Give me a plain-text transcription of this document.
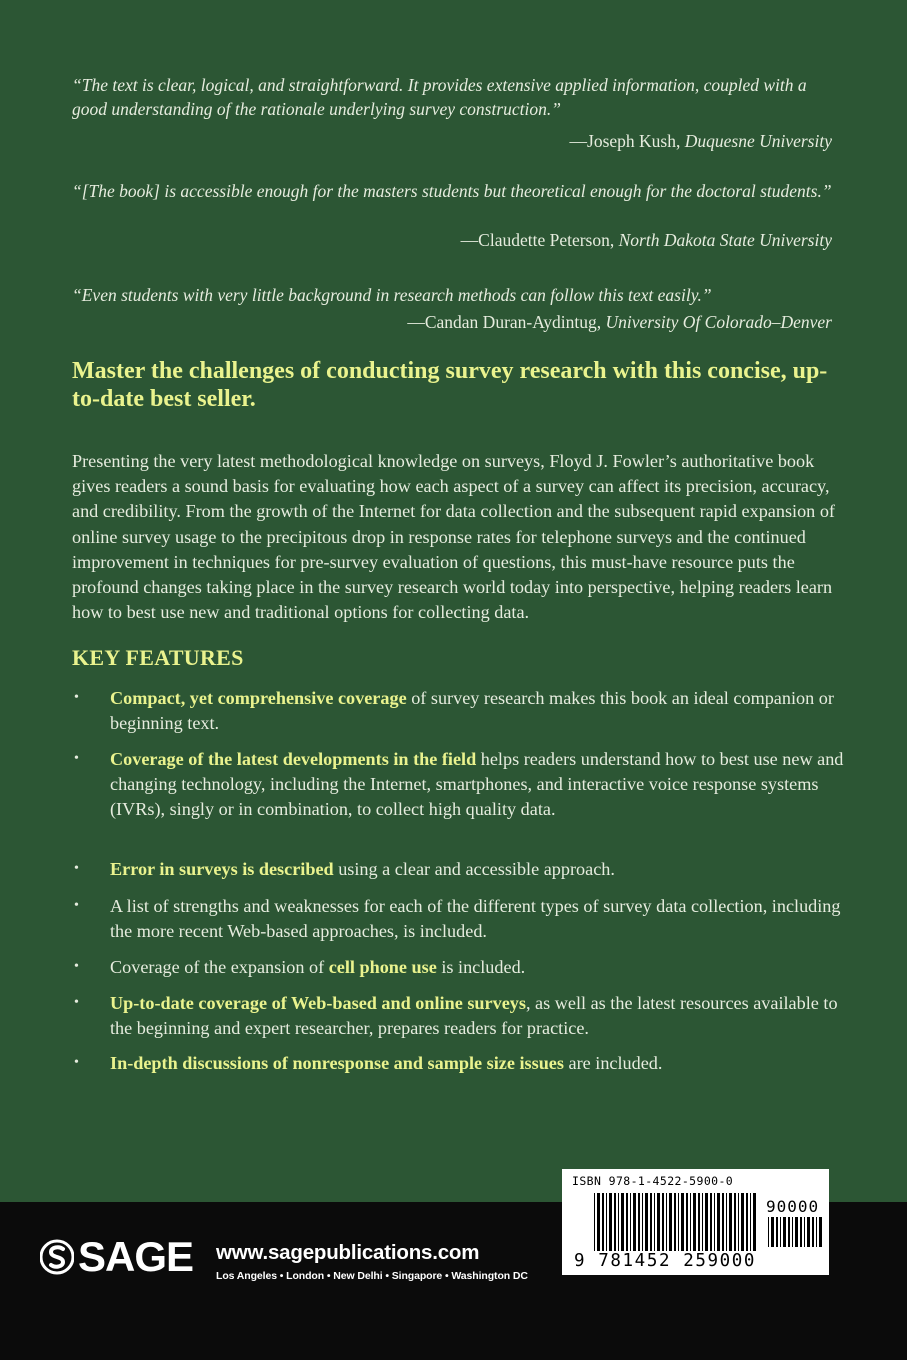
“The text is clear, logical, and straightforward. It provides extensive applied information, coupled with a good understanding of the rationale underlying survey construction.”
—Joseph Kush, Duquesne University
“[The book] is accessible enough for the masters students but theoretical enough for the doctoral students.”
—Claudette Peterson, North Dakota State University
“Even students with very little background in research methods can follow this text easily.”
—Candan Duran-Aydintug, University Of Colorado–Denver
Master the challenges of conducting survey research with this concise, up-to-date best seller.
Presenting the very latest methodological knowledge on surveys, Floyd J. Fowler’s authoritative book gives readers a sound basis for evaluating how each aspect of a survey can affect its precision, accuracy, and credibility. From the growth of the Internet for data collection and the subsequent rapid expansion of online survey usage to the precipitous drop in response rates for telephone surveys and the continued improvement in techniques for pre-survey evaluation of questions, this must-have resource puts the profound changes taking place in the survey research world today into perspective, helping readers learn how to best use new and traditional options for collecting data.
KEY FEATURES
• Compact, yet comprehensive coverage of survey research makes this book an ideal companion or beginning text.
• Coverage of the latest developments in the field helps readers understand how to best use new and changing technology, including the Internet, smartphones, and interactive voice response systems (IVRs), singly or in combination, to collect high quality data.
• Error in surveys is described using a clear and accessible approach.
• A list of strengths and weaknesses for each of the different types of survey data collection, including the more recent Web-based approaches, is included.
• Coverage of the expansion of cell phone use is included.
• Up-to-date coverage of Web-based and online surveys, as well as the latest resources available to the beginning and expert researcher, prepares readers for practice.
• In-depth discussions of nonresponse and sample size issues are included.
SAGE www.sagepublications.com
Los Angeles • London • New Delhi • Singapore • Washington DC
ISBN 978-1-4522-5900-0
90000
9 781452 259000
